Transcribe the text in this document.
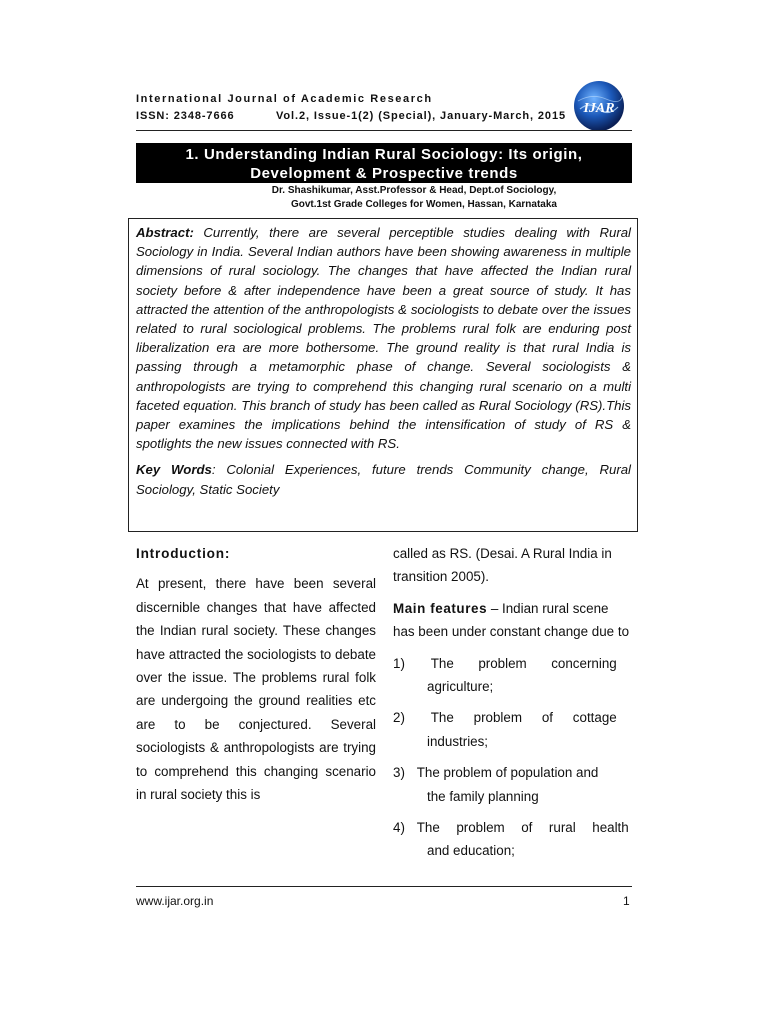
International Journal of Academic Research
ISSN: 2348-7666	Vol.2, Issue-1(2) (Special), January-March, 2015 IJAR
1. Understanding Indian Rural Sociology: Its origin,
Development & Prospective trends
Dr. Shashikumar, Asst.Professor & Head, Dept.of Sociology,
Govt.1st Grade Colleges for Women, Hassan, Karnataka
Abstract: Currently, there are several perceptible studies dealing with Rural Sociology in India. Several Indian authors have been showing awareness in multiple dimensions of rural sociology. The changes that have affected the Indian rural society before & after independence have been a great source of study. It has attracted the attention of the anthropologists & sociologists to debate over the issues related to rural sociological problems. The problems rural folk are enduring post liberalization era are more bothersome. The ground reality is that rural India is passing through a metamorphic phase of change. Several sociologists & anthropologists are trying to comprehend this changing rural scenario on a multi faceted equation. This branch of study has been called as Rural Sociology (RS).This paper examines the implications behind the intensification of study of RS & spotlights the new issues connected with RS.
Key Words: Colonial Experiences, future trends Community change, Rural Sociology, Static Society
Introduction:

At present, there have been several discernible changes that have affected the Indian rural society. These changes have attracted the sociologists to debate over the issue. The problems rural folk are undergoing the ground realities etc are to be conjectured. Several sociologists & anthropologists are trying to comprehend this changing scenario in rural society this is

called as RS. (Desai. A Rural India in transition 2005).

Main features – Indian rural scene has been under constant change due to

1) The problem concerning
agriculture;
2) The problem of cottage
industries;
3) The problem of population and
the family planning
4) The problem of rural health
and education;
www.ijar.org.in	1
